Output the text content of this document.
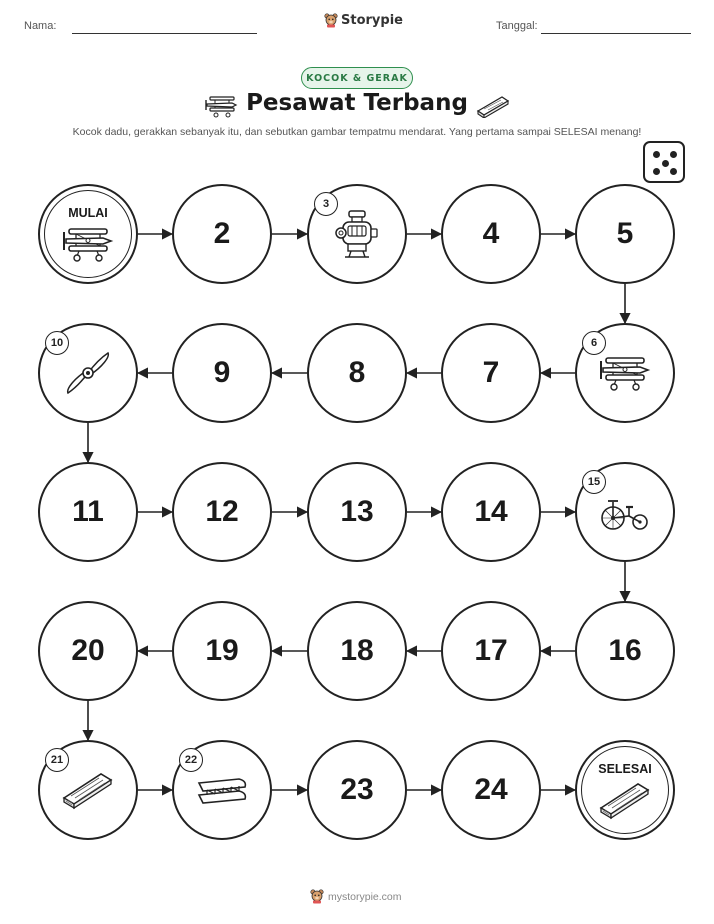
Nama:	Storypie	Tanggal:
KOCOK & GERAK
Pesawat Terbang
Kocok dadu, gerakkan sebanyak itu, dan sebutkan gambar tempatmu mendarat. Yang pertama sampai SELESAI menang!
MULAI
2
3
4	5
6
7
8
9
10
11	12	13	14
15
16
17
18
19
20
21	22
23	24
SELESAI
mystorypie.com
